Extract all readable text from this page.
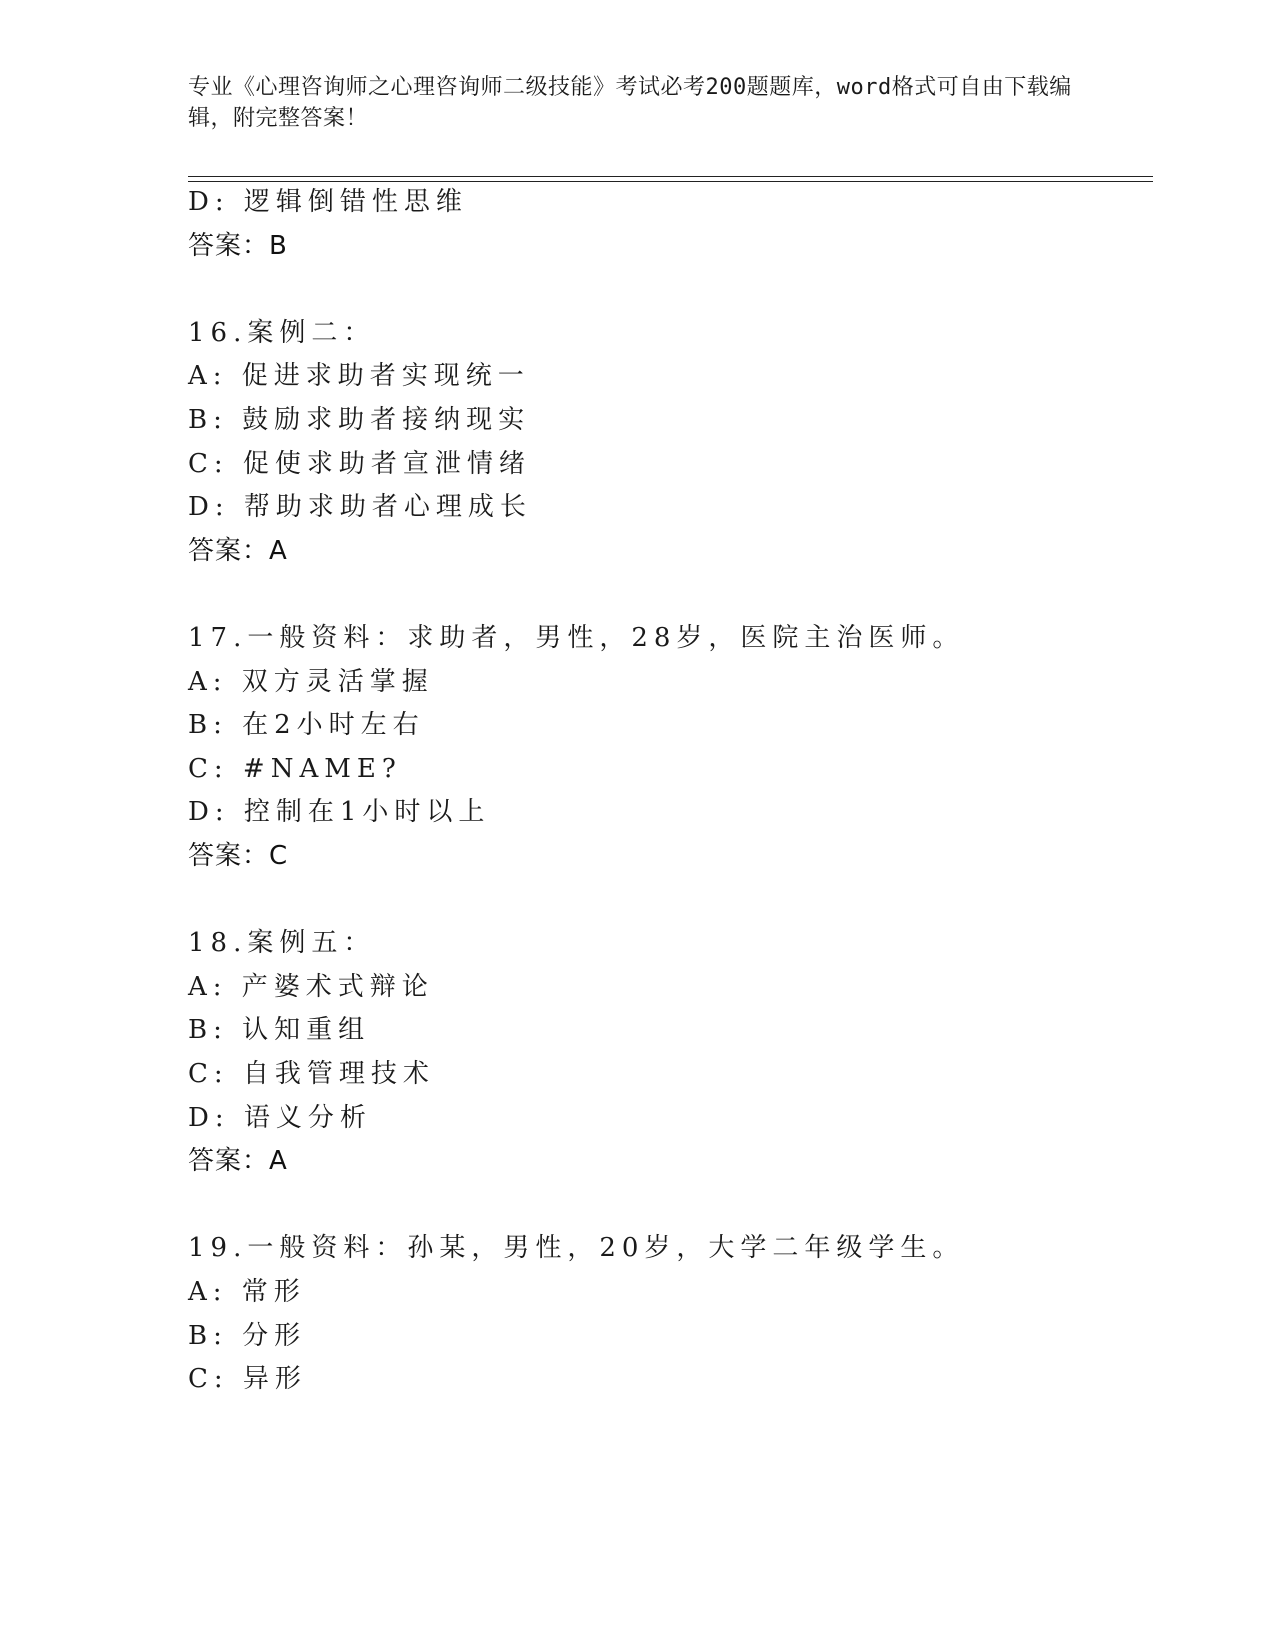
专业《心理咨询师之心理咨询师二级技能》考试必考200题题库，word格式可自由下载编辑，附完整答案！
D: 逻辑倒错性思维
答案：B
16.案例二：
A: 促进求助者实现统一
B: 鼓励求助者接纳现实
C: 促使求助者宣泄情绪
D: 帮助求助者心理成长
答案：A
17.一般资料：求助者，男性，28岁，医院主治医师。
A: 双方灵活掌握
B: 在2小时左右
C: #NAME?
D: 控制在1小时以上
答案：C
18.案例五：
A: 产婆术式辩论
B: 认知重组
C: 自我管理技术
D: 语义分析
答案：A
19.一般资料：孙某，男性，20岁，大学二年级学生。
A: 常形
B: 分形
C: 异形
